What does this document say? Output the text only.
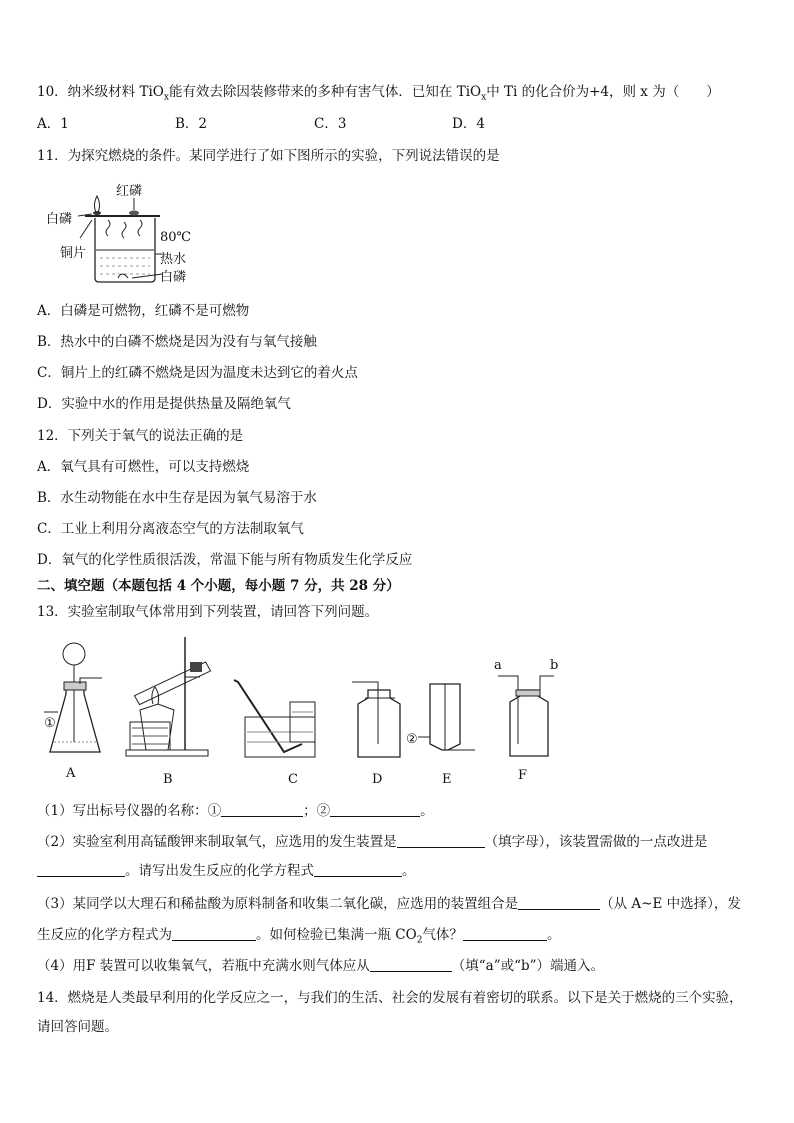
10．纳米级材料 TiO$_x$能有效去除因装修带来的多种有害气体．已知在 TiO$_x$中 Ti 的化合价为+4，则 x 为（　　）
A．1	B．2	C．3	D．4
11．为探究燃烧的条件。某同学进行了如下图所示的实验，下列说法错误的是
红磷
白磷
铜片
80℃
热水
白磷
A．白磷是可燃物，红磷不是可燃物
B．热水中的白磷不燃烧是因为没有与氧气接触
C．铜片上的红磷不燃烧是因为温度未达到它的着火点
D．实验中水的作用是提供热量及隔绝氧气
12．下列关于氧气的说法正确的是
A．氧气具有可燃性，可以支持燃烧
B．水生动物能在水中生存是因为氧气易溶于水
C．工业上利用分离液态空气的方法制取氧气
D．氧气的化学性质很活泼，常温下能与所有物质发生化学反应
二、填空题（本题包括 4 个小题，每小题 7 分，共 28 分）
13．实验室制取气体常用到下列装置，请回答下列问题。
①
②
A	B	C	D	E	F
a	b
（1）写出标号仪器的名称：①	；②	。
（2）实验室利用高锰酸钾来制取氧气，应选用的发生装置是	（填字母），该装置需做的一点改进是
。请写出发生反应的化学方程式	。
（3）某同学以大理石和稀盐酸为原料制备和收集二氧化碳，应选用的装置组合是	（从 A~E 中选择），发
生反应的化学方程式为	。如何检验已集满一瓶 $CO_2$气体？	。
（4）用F 装置可以收集氧气，若瓶中充满水则气体应从	（填“a”或“b”）端通入。
14．燃烧是人类最早利用的化学反应之一，与我们的生活、社会的发展有着密切的联系。以下是关于燃烧的三个实验，
请回答问题。
